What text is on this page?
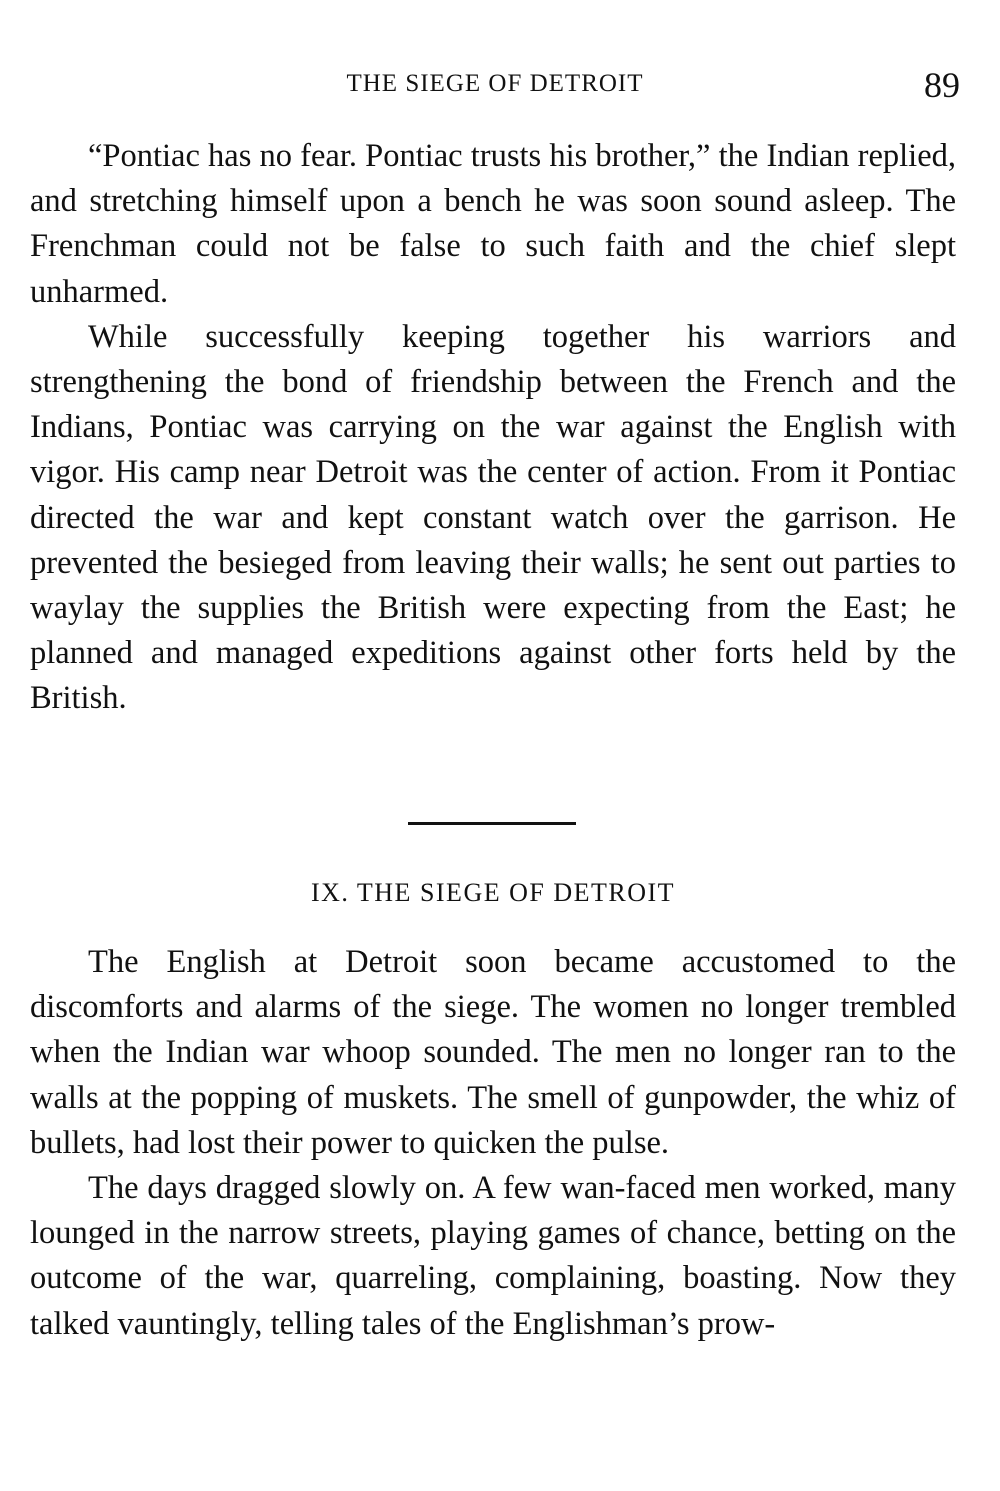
THE SIEGE OF DETROIT	89

“Pontiac has no fear. Pontiac trusts his brother,” the Indian replied, and stretching himself upon a bench he was soon sound asleep. The Frenchman could not be false to such faith and the chief slept unharmed.

While successfully keeping together his warriors and strengthening the bond of friendship between the French and the Indians, Pontiac was carrying on the war against the English with vigor. His camp near Detroit was the center of action. From it Pontiac directed the war and kept constant watch over the garrison. He prevented the besieged from leaving their walls; he sent out parties to waylay the supplies the British were expecting from the East; he planned and managed expeditions against other forts held by the British.

IX. THE SIEGE OF DETROIT

The English at Detroit soon became accustomed to the discomforts and alarms of the siege. The women no longer trembled when the Indian war whoop sounded. The men no longer ran to the walls at the popping of muskets. The smell of gunpowder, the whiz of bullets, had lost their power to quicken the pulse.

The days dragged slowly on. A few wan-faced men worked, many lounged in the narrow streets, playing games of chance, betting on the outcome of the war, quarreling, complaining, boasting. Now they talked vauntingly, telling tales of the Englishman’s prow-
